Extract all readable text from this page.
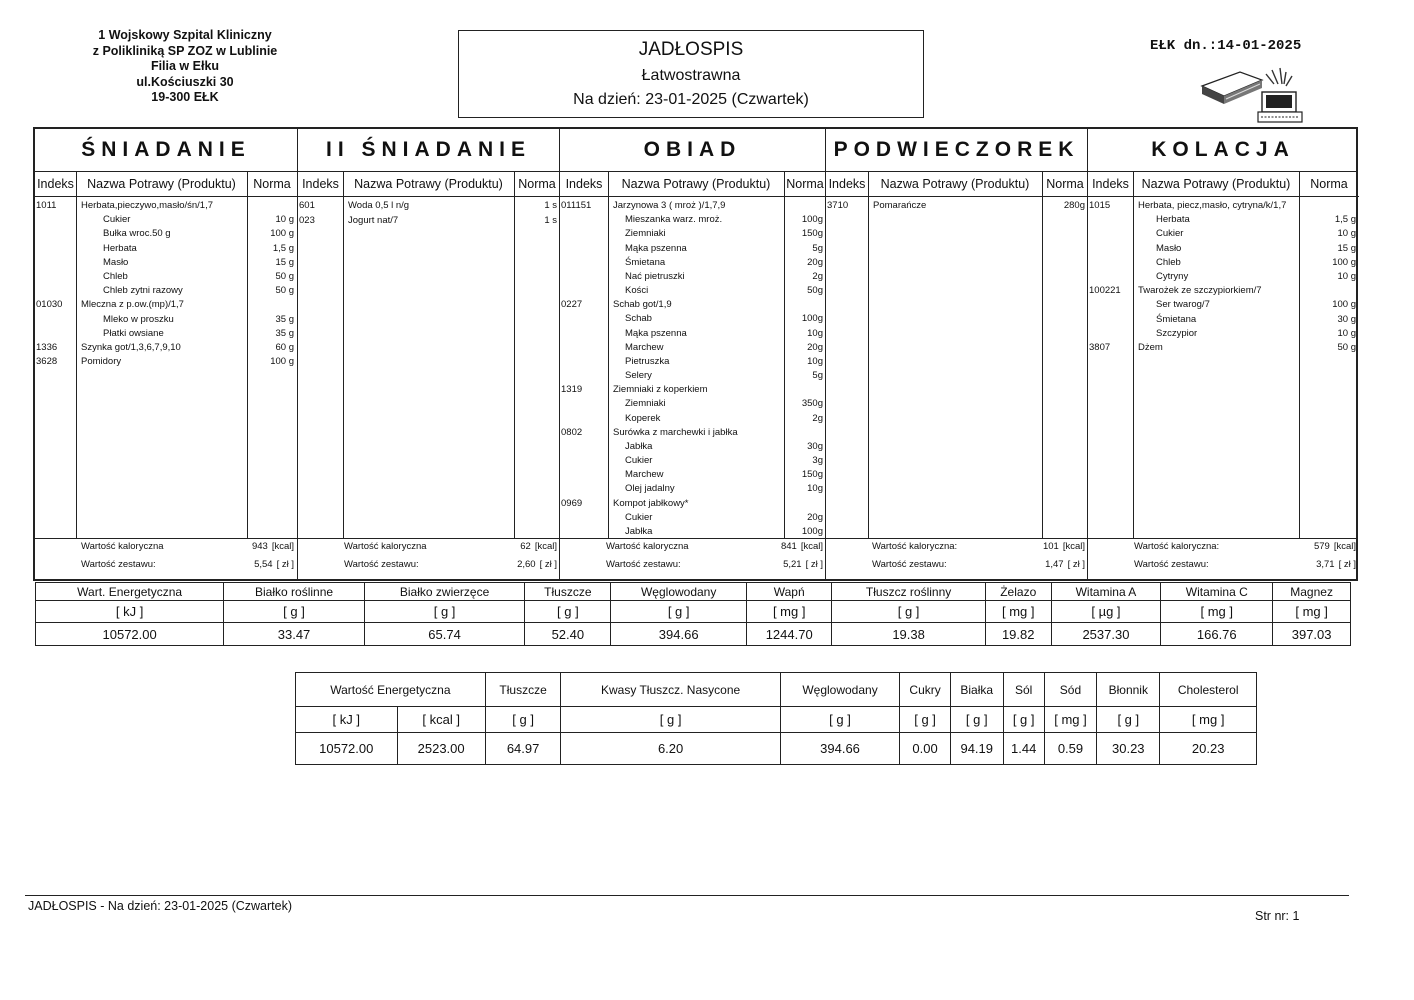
1 Wojskowy Szpital Kliniczny
z Polikliniką SP ZOZ w Lublinie
Filia w Ełku
ul.Kościuszki 30
19-300 EŁK
JADŁOSPIS
Łatwostrawna
Na dzień: 23-01-2025 (Czwartek)
EŁK dn.:14-01-2025
ŚNIADANIE
Indeks	Nazwa Potrawy (Produktu)	Norma
1011	Herbata,pieczywo,masło/śn/1,7
Cukier	10 g
Bułka wroc.50 g	100 g
Herbata	1,5 g
Masło	15 g
Chleb	50 g
Chleb zytni razowy	50 g
01030 Mleczna z p.ow.(mp)/1,7
Mleko w proszku	35 g
Płatki owsiane	35 g
1336	Szynka got/1,3,6,7,9,10	60 g
3628	Pomidory	100 g
Wartość kaloryczna	943 [kcal]
Wartość zestawu:	5,54 [ zł ]
II ŚNIADANIE
Indeks	Nazwa Potrawy (Produktu)	Norma
601	Woda 0,5 l n/g	1 s
023	Jogurt nat/7	1 s
Wartość kaloryczna	62 [kcal]
Wartość zestawu:	2,60 [ zł ]
OBIAD
Indeks	Nazwa Potrawy (Produktu)	Norma
011151 Jarzynowa 3 ( mroż )/1,7,9
Mieszanka warz. mroż.	100g
Ziemniaki	150g
Mąka pszenna	5g
Śmietana	20g
Nać pietruszki	2g
Kości	50g
0227	Schab got/1,9
Schab	100g
Mąka pszenna	10g
Marchew	20g
Pietruszka	10g
Selery	5g
1319	Ziemniaki z koperkiem
Ziemniaki	350g
Koperek	2g
0802	Surówka z marchewki i jabłka
Jabłka	30g
Cukier	3g
Marchew	150g
Olej jadalny	10g
0969	Kompot jabłkowy*
Cukier	20g
Jabłka	100g
Wartość kaloryczna	841 [kcal]
Wartość zestawu:	5,21 [ zł ]
PODWIECZOREK
Indeks	Nazwa Potrawy (Produktu)	Norma
3710	Pomarańcze	280g
Wartość kaloryczna:	101 [kcal]
Wartość zestawu:	1,47 [ zł ]
KOLACJA
Indeks	Nazwa Potrawy (Produktu)	Norma
1015	Herbata, piecz,masło, cytryna/k/1,7
Herbata	1,5 g
Cukier	10 g
Masło	15 g
Chleb	100 g
Cytryny	10 g
100221 Twarożek ze szczypiorkiem/7
Ser twarog/7	100 g
Śmietana	30 g
Szczypior	10 g
3807	Dżem	50 g
Wartość kaloryczna:	579 [kcal]
Wartość zestawu:	3,71 [ zł ]
Wart. Energetyczna	Białko roślinne	Białko zwierzęce	Tłuszcze	Węglowodany	Wapń	Tłuszcz roślinny	Żelazo	Witamina A	Witamina C	Magnez
[ kJ ]	[ g ]	[ g ]	[ g ]	[ g ]	[ mg ]	[ g ]	[ mg ]	[ µg ]	[ mg ]	[ mg ]
10572.00	33.47	65.74	52.40	394.66	1244.70	19.38	19.82	2537.30	166.76	397.03
Wartość Energetyczna		Tłuszcze	Kwasy Tłuszcz. Nasycone	Węglowodany	Cukry	Białka	Sól	Sód	Błonnik	Cholesterol
[ kJ ]	[ kcal ]	[ g ]	[ g ]	[ g ]	[ g ]	[ g ]	[ g ]	[ mg ]	[ g ]	[ mg ]
10572.00	2523.00	64.97	6.20	394.66	0.00	94.19	1.44	0.59	30.23	20.23
JADŁOSPIS - Na dzień: 23-01-2025 (Czwartek)
Str nr: 1
